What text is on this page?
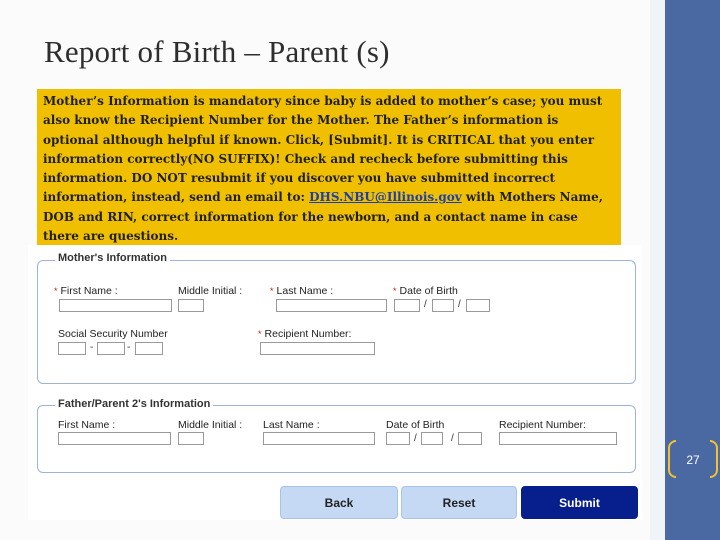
Report of Birth – Parent (s)
Mother’s Information is mandatory since baby is added to mother’s case; you must also know the Recipient Number for the Mother. The Father’s information is optional although helpful if known. Click, [Submit]. It is CRITICAL that you enter information correctly(NO SUFFIX)! Check and recheck before submitting this information. DO NOT resubmit if you discover you have submitted incorrect information, instead, send an email to: DHS.NBU@Illinois.gov with Mothers Name, DOB and RIN, correct information for the newborn, and a contact name in case there are questions.
Mother's Information
* First Name :	Middle Initial :	* Last Name :	* Date of Birth
/	/
Social Security Number
-	-
* Recipient Number:
Father/Parent 2's Information
First Name :	Middle Initial : Last Name :	Date of Birth
/	/
Recipient Number:
Back	Reset	Submit
27
